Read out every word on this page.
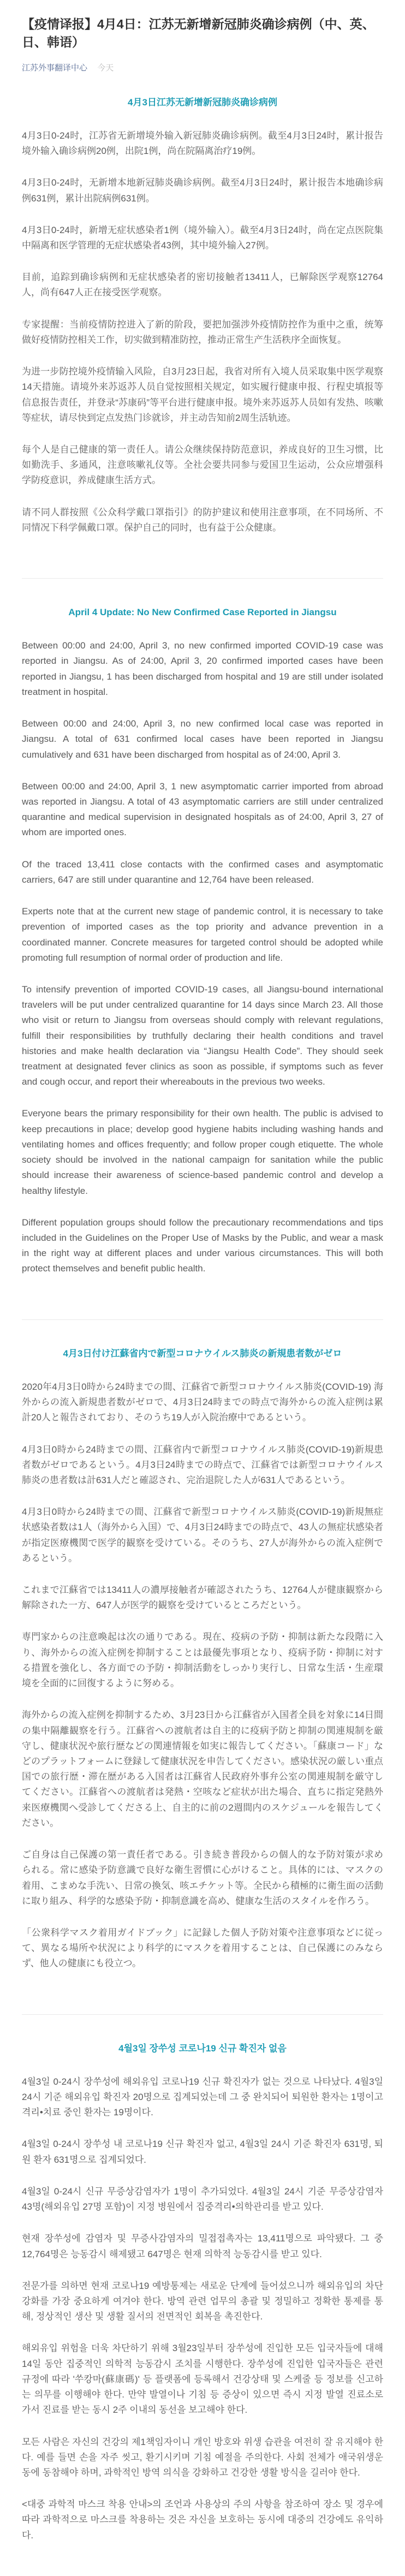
【疫情译报】4月4日：江苏无新增新冠肺炎确诊病例（中、英、日、韩语）
江苏外事翻译中心 今天
4月3日江苏无新增新冠肺炎确诊病例

4月3日0-24时，江苏省无新增境外输入新冠肺炎确诊病例。截至4月3日24时，累计报告境外输入确诊病例20例，出院1例，尚在院隔离治疗19例。

4月3日0-24时，无新增本地新冠肺炎确诊病例。截至4月3日24时，累计报告本地确诊病例631例，累计出院病例631例。

4月3日0-24时，新增无症状感染者1例（境外输入）。截至4月3日24时，尚在定点医院集中隔离和医学管理的无症状感染者43例，其中境外输入27例。

目前，追踪到确诊病例和无症状感染者的密切接触者13411人，已解除医学观察12764人，尚有647人正在接受医学观察。

专家提醒：当前疫情防控进入了新的阶段，要把加强涉外疫情防控作为重中之重，统筹做好疫情防控相关工作，切实做到精准防控，推动正常生产生活秩序全面恢复。

为进一步防控境外疫情输入风险，自3月23日起，我省对所有入境人员采取集中医学观察14天措施。请境外来苏返苏人员自觉按照相关规定，如实履行健康申报、行程史填报等信息报告责任，并登录“苏康码”等平台进行健康申报。境外来苏返苏人员如有发热、咳嗽等症状，请尽快到定点发热门诊就诊，并主动告知前2周生活轨迹。

每个人是自己健康的第一责任人。请公众继续保持防范意识，养成良好的卫生习惯，比如勤洗手、多通风，注意咳嗽礼仪等。全社会要共同参与爱国卫生运动，公众应增强科学防疫意识，养成健康生活方式。

请不同人群按照《公众科学戴口罩指引》的防护建议和使用注意事项，在不同场所、不同情况下科学佩戴口罩。保护自己的同时，也有益于公众健康。

April 4 Update: No New Confirmed Case Reported in Jiangsu

Between 00:00 and 24:00, April 3, no new confirmed imported COVID-19 case was reported in Jiangsu. As of 24:00, April 3, 20 confirmed imported cases have been reported in Jiangsu, 1 has been discharged from hospital and 19 are still under isolated treatment in hospital.

Between 00:00 and 24:00, April 3, no new confirmed local case was reported in Jiangsu. A total of 631 confirmed local cases have been reported in Jiangsu cumulatively and 631 have been discharged from hospital as of 24:00, April 3.

Between 00:00 and 24:00, April 3, 1 new asymptomatic carrier imported from abroad was reported in Jiangsu. A total of 43 asymptomatic carriers are still under centralized quarantine and medical supervision in designated hospitals as of 24:00, April 3, 27 of whom are imported ones.

Of the traced 13,411 close contacts with the confirmed cases and asymptomatic carriers, 647 are still under quarantine and 12,764 have been released.

Experts note that at the current new stage of pandemic control, it is necessary to take prevention of imported cases as the top priority and advance prevention in a coordinated manner. Concrete measures for targeted control should be adopted while promoting full resumption of normal order of production and life.

To intensify prevention of imported COVID-19 cases, all Jiangsu-bound international travelers will be put under centralized quarantine for 14 days since March 23. All those who visit or return to Jiangsu from overseas should comply with relevant regulations, fulfill their responsibilities by truthfully declaring their health conditions and travel histories and make health declaration via “Jiangsu Health Code”. They should seek treatment at designated fever clinics as soon as possible, if symptoms such as fever and cough occur, and report their whereabouts in the previous two weeks.

Everyone bears the primary responsibility for their own health. The public is advised to keep precautions in place; develop good hygiene habits including washing hands and ventilating homes and offices frequently; and follow proper cough etiquette. The whole society should be involved in the national campaign for sanitation while the public should increase their awareness of science-based pandemic control and develop a healthy lifestyle.

Different population groups should follow the precautionary recommendations and tips included in the Guidelines on the Proper Use of Masks by the Public, and wear a mask in the right way at different places and under various circumstances. This will both protect themselves and benefit public health.

4月3日付け江蘇省内で新型コロナウイルス肺炎の新規患者数がゼロ

2020年4月3日0時から24時までの間、江蘇省で新型コロナウイルス肺炎(COVID-19) 海外からの流入新規患者数がゼロで、4月3日24時までの時点で海外からの流入症例は累計20人と報告されており、そのうち19人が入院治療中であるという。

4月3日0時から24時までの間、江蘇省内で新型コロナウイルス肺炎(COVID-19)新規患者数がゼロであるという。4月3日24時までの時点で、江蘇省では新型コロナウイルス肺炎の患者数は計631人だと確認され、完治退院した人が631人であるという。

4月3日0時から24時までの間、江蘇省で新型コロナウイルス肺炎(COVID-19)新規無症状感染者数は1人（海外から入国）で、4月3日24時までの時点で、43人の無症状感染者が指定医療機関で医学的観察を受けている。そのうち、27人が海外からの流入症例であるという。

これまで江蘇省では13411人の濃厚接触者が確認されたうち、12764人が健康観察から解除された一方、647人が医学的観察を受けているところだという。

専門家からの注意喚起は次の通りである。現在、疫病の予防・抑制は新たな段階に入り、海外からの流入症例を抑制することは最優先事項となり、疫病予防・抑制に対する措置を強化し、各方面での予防・抑制活動をしっかり実行し、日常な生活・生産環境を全面的に回復するように努める。

海外からの流入症例を抑制するため、3月23日から江蘇省が入国者全員を対象に14日間の集中隔離観察を行う。江蘇省への渡航者は自主的に疫病予防と抑制の関連規制を厳守し、健康状況や旅行歴などの関連情報を如実に報告してください。「蘇康コード」などのプラットフォームに登録して健康状況を申告してください。感染状況の厳しい重点国での旅行歴・滞在歴がある入国者は江蘇省人民政府外事弁公室の関連規制を厳守してください。江蘇省への渡航者は発熱・空咳など症状が出た場合、直ちに指定発熱外来医療機関へ受診してくださる上、自主的に前の2週間内のスケジュールを報告してください。

ご自身は自己保護の第一責任者である。引き続き普段からの個人的な予防対策が求められる。常に感染予防意識で良好な衛生習慣に心がけること。具体的には、マスクの着用、こまめな手洗い、日常の換気、咳エチケット等。全民から積極的に衛生面の活動に取り組み、科学的な感染予防・抑制意識を高め、健康な生活のスタイルを作ろう。

「公衆科学マスク着用ガイドブック」に記録した個人予防対策や注意事項などに従って、異なる場所や状況により科学的にマスクを着用することは、自己保護にのみならず、他人の健康にも役立つ。

4월3일 장쑤성 코로나19 신규 확진자 없음

4월3일 0-24시 장쑤성에 해외유입 코로나19 신규 확진자가 없는 것으로 나타났다. 4월3일 24시 기준 해외유입 확진자 20명으로 집계되었는데 그 중 완치되어 퇴원한 환자는 1명이고 격리•치료 중인 환자는 19명이다.

4월3일 0-24시 장쑤성 내 코로나19 신규 확진자 없고, 4월3일 24시 기준 확진자 631명, 퇴원 환자 631명으로 집계되었다.

4월3일 0-24시 신규 무증상감염자가 1명이 추가되었다. 4월3일 24시 기준 무증상감염자 43명(해외유입 27명 포함)이 지정 병원에서 집중격리•의학관리를 받고 있다.

현재 장쑤성에 감염자 및 무증사감염자의 밀접접촉자는 13,411명으로 파악됐다. 그 중 12,764명은 능동감시 해제됐고 647명은 현재 의학적 능동감시를 받고 있다.

전문가를 의하면 현재 코로나19 예방통제는 새로운 단계에 들어섰으니까 해외유입의 차단 강화를 가장 중요하게 여겨야 한다. 방역 관련 업무의 총괄 및 정밀하고 정확한 통제를 통해, 정상적인 생산 및 생활 질서의 전면적인 회복을 촉진한다.

해외유입 위험을 더욱 차단하기 위해 3월23일부터 장쑤성에 진입한 모든 입국자들에 대해 14일 동안 집중적인 의학적 능동감시 조치를 시행한다. 장쑤성에 진입한 입국자들은 관련 규정에 따라 '쑤캉마(蘇康碼)' 등 플랫폼에 등록해서 건강상태 및 스케줄 등 정보를 신고하는 의무를 이행해야 한다. 만약 발열이나 기침 등 증상이 있으면 즉시 지정 발열 진료소로 가서 진료를 받는 동시 2주 이내의 동선을 보고해야 한다.

모든 사람은 자신의 건강의 제1책임자이니 개인 방호와 위생 습관을 여전히 잘 유지해야 한다. 예를 들면 손을 자주 씻고, 환기시키며 기침 예절을 주의한다. 사회 전체가 애국위생운동에 동참해야 하며, 과학적인 방역 의식을 강화하고 건강한 생활 방식을 길러야 한다.

<대중 과학적 마스크 착용 안내>의 조언과 사용상의 주의 사항을 참조하여 장소 및 경우에 따라 과학적으로 마스크를 착용하는 것은 자신을 보호하는 동시에 대중의 건강에도 유익하다.
